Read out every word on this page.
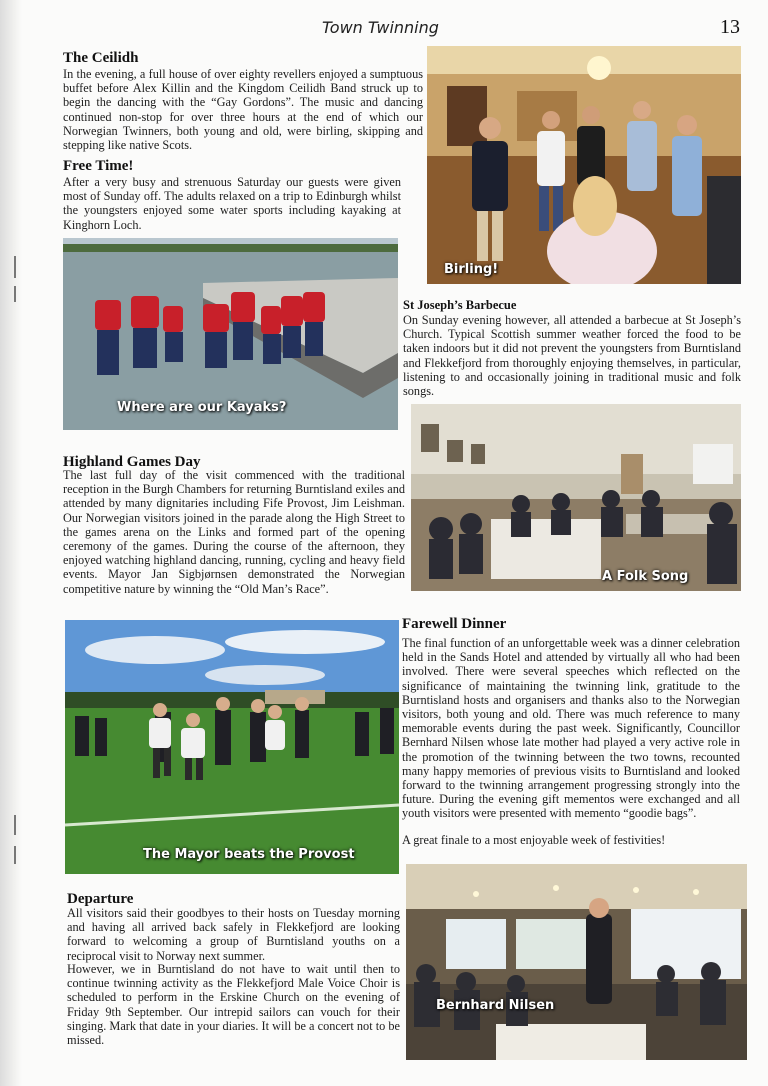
Town Twinning	13
The Ceilidh

In the evening, a full house of over eighty revellers enjoyed a sumptuous buffet before Alex Killin and the Kingdom Ceilidh Band struck up to begin the dancing with the “Gay Gordons”. The music and dancing continued non-stop for over three hours at the end of which our Norwegian Twinners, both young and old, were birling, skipping and stepping like native Scots.

Free Time!

After a very busy and strenuous Saturday our guests were given most of Sunday off. The adults relaxed on a trip to Edinburgh whilst the youngsters enjoyed some water sports including kayaking at Kinghorn Loch.

Birling!
Where are our Kayaks?
St Joseph’s Barbecue

On Sunday evening however, all attended a barbecue at St Joseph’s Church. Typical Scottish summer weather forced the food to be taken indoors but it did not prevent the youngsters from Burntisland and Flekkefjord from thoroughly enjoying themselves, in particular, listening to and occasionally joining in traditional music and folk songs.

A Folk Song
Highland Games Day

The last full day of the visit commenced with the traditional reception in the Burgh Chambers for returning Burntisland exiles and attended by many dignitaries including Fife Provost, Jim Leishman. Our Norwegian visitors joined in the parade along the High Street to the games arena on the Links and formed part of the opening ceremony of the games. During the course of the afternoon, they enjoyed watching highland dancing, running, cycling and heavy field events. Mayor Jan Sigbjørnsen demonstrated the Norwegian competitive nature by winning the “Old Man’s Race”.

The Mayor beats the Provost
Farewell Dinner

The final function of an unforgettable week was a dinner celebration held in the Sands Hotel and attended by virtually all who had been involved. There were several speeches which reflected on the significance of maintaining the twinning link, gratitude to the Burntisland hosts and organisers and thanks also to the Norwegian visitors, both young and old. There was much reference to many memorable events during the past week. Significantly, Councillor Bernhard Nilsen whose late mother had played a very active role in the promotion of the twinning between the two towns, recounted many happy memories of previous visits to Burntisland and looked forward to the twinning arrangement progressing strongly into the future. During the evening gift mementos were exchanged and all youth visitors were presented with memento “goodie bags”.

A great finale to a most enjoyable week of festivities!

Departure

All visitors said their goodbyes to their hosts on Tuesday morning and having all arrived back safely in Flekkefjord are looking forward to welcoming a group of Burntisland youths on a reciprocal visit to Norway next summer.

However, we in Burntisland do not have to wait until then to continue twinning activity as the Flekkefjord Male Voice Choir is scheduled to perform in the Erskine Church on the evening of Friday 9th September. Our intrepid sailors can vouch for their singing. Mark that date in your diaries. It will be a concert not to be missed.

Bernhard Nilsen
